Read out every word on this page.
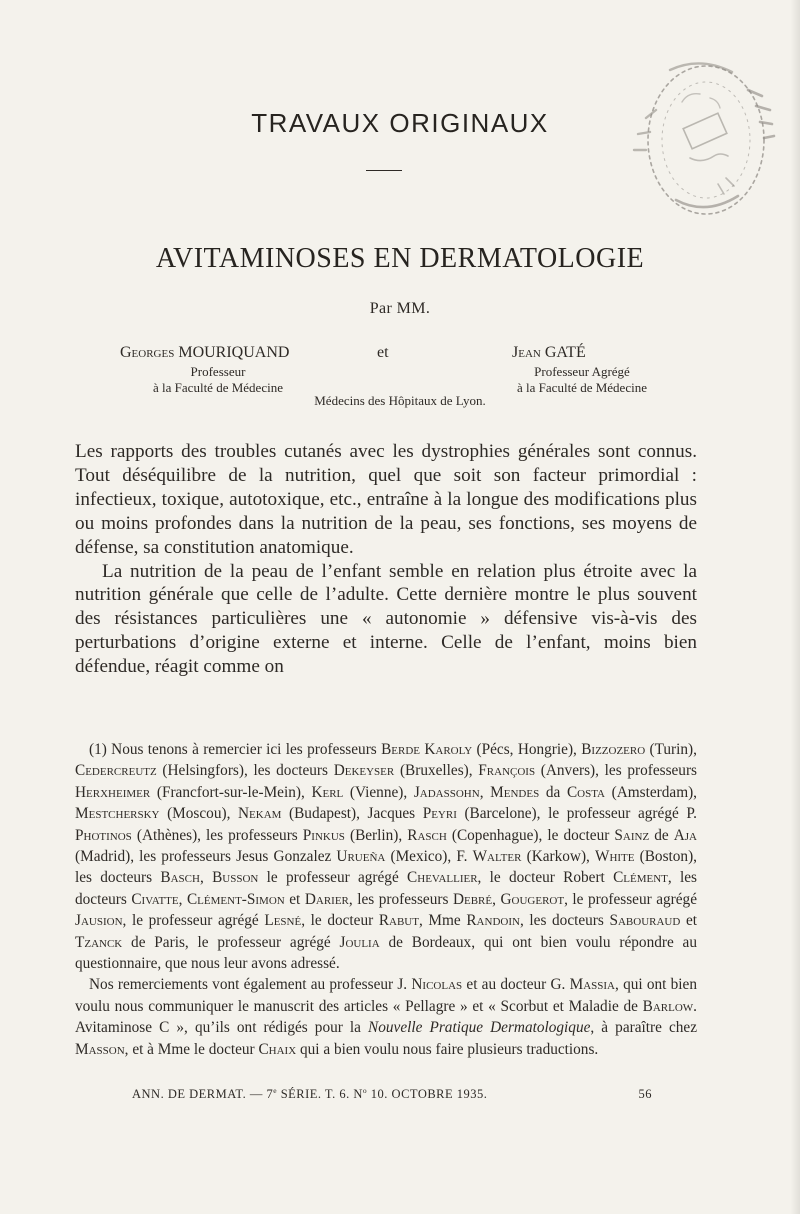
TRAVAUX ORIGINAUX
AVITAMINOSES EN DERMATOLOGIE
Par MM.
Georges MOURIQUAND	et	Jean GATÉ

Professeur

à la Faculté de Médecine

Professeur Agrégé

à la Faculté de Médecine

Médecins des Hôpitaux de Lyon.

Les rapports des troubles cutanés avec les dystrophies générales sont connus. Tout déséquilibre de la nutrition, quel que soit son facteur primordial : infectieux, toxique, autotoxique, etc., entraîne à la longue des modifications plus ou moins profondes dans la nutrition de la peau, ses fonctions, ses moyens de défense, sa constitution anatomique.

La nutrition de la peau de l’enfant semble en relation plus étroite avec la nutrition générale que celle de l’adulte. Cette dernière montre le plus souvent des résistances particulières une « autonomie » défensive vis-à-vis des perturbations d’origine externe et interne. Celle de l’enfant, moins bien défendue, réagit comme on

(1) Nous tenons à remercier ici les professeurs Berde Karoly (Pécs, Hongrie), Bizzozero (Turin), Cedercreutz (Helsingfors), les docteurs Dekeyser (Bruxelles), François (Anvers), les professeurs Herxheimer (Francfort-sur-le-Mein), Kerl (Vienne), Jadassohn, Mendes da Costa (Amsterdam), Mestchersky (Moscou), Nekam (Budapest), Jacques Peyri (Barcelone), le professeur agrégé P. Photinos (Athènes), les professeurs Pinkus (Berlin), Rasch (Copenhague), le docteur Sainz de Aja (Madrid), les professeurs Jesus Gonzalez Urueña (Mexico), F. Walter (Karkow), White (Boston), les docteurs Basch, Busson le professeur agrégé Chevallier, le docteur Robert Clément, les docteurs Civatte, Clément-Simon et Darier, les professeurs Debré, Gougerot, le professeur agrégé Jausion, le professeur agrégé Lesné, le docteur Rabut, Mme Randoin, les docteurs Sabouraud et Tzanck de Paris, le professeur agrégé Joulia de Bordeaux, qui ont bien voulu répondre au questionnaire, que nous leur avons adressé.

Nos remerciements vont également au professeur J. Nicolas et au docteur G. Massia, qui ont bien voulu nous communiquer le manuscrit des articles « Pellagre » et « Scorbut et Maladie de Barlow. Avitaminose C », qu’ils ont rédigés pour la Nouvelle Pratique Dermatologique, à paraître chez Masson, et à Mme le docteur Chaix qui a bien voulu nous faire plusieurs traductions.

ANN. DE DERMAT. — 7e SÉRIE. T. 6. $N^o$ 10. OCTOBRE 1935.	56
